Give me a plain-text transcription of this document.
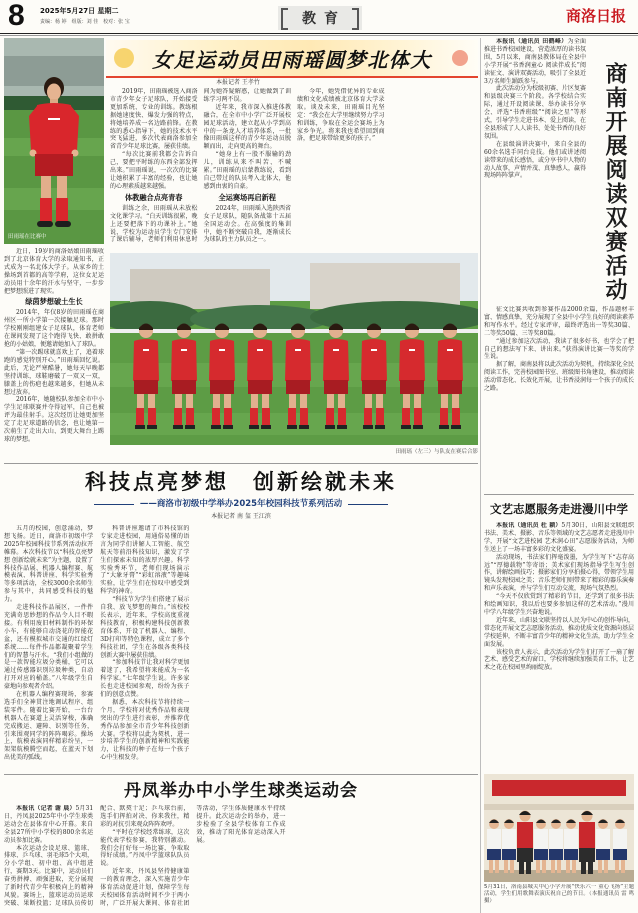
8 2025年5月27日 星期二
责编：杨 婷　组版：刘 佳　校对：张 宝	教育	商洛日报
田雨瑶在比赛中
女足运动员田雨瑶圆梦北体大
本报记者 王孝竹

近日，19岁的商洛姑娘田雨瑶收到了北京体育大学的录取通知书，正式成为一名北体大学子。从家乡的土操场到首都的高等学府，这位女足运动员用十余年的汗水与坚守，一步步把梦想照进了现实。

绿茵梦想破土生长

2014年，年仅8岁的田雨瑶在商州区一所小学第一次接触足球。那时学校刚刚组建女子足球队，体育老师在课间发现了这个跑得飞快、敢拼敢抢的小姑娘，便邀请她加入了球队。

“第一次踢球就喜欢上了，追着球跑的感觉特别开心。”田雨瑶回忆说。此后，无论严寒酷暑，她每天早晚都坚持训练，球鞋磨破了一双又一双，膝盖上的伤疤也越来越多，但她从未想过放弃。

2016年，她随校队参加全市中小学生足球联赛并夺得冠军，自己也被评为最佳射手。这次经历让她更加坚定了走足球道路的信念，也让她第一次萌生了走出大山、到更大舞台上踢球的梦想。

2019年，田雨瑶被选入商洛市青少年女子足球队，开始接受更加系统、专业的训练。教练根据她速度快、爆发力强的特点，将她培养成一名边路前锋。在教练的悉心指导下，她的技术水平突飞猛进，多次代表商洛参加全省青少年足球比赛，屡获佳绩。

“每次比赛前我都会告诉自己，要把平时练的东西全部发挥出来。”田雨瑶说，一次次的比赛让她积累了丰富的经验，也让她的心理素质越来越强。

体教融合点亮青春

训练之余，田雨瑶从未放松文化课学习。“白天训练很累，晚上还要把落下的功课补上。”她说，学校为运动员学生专门安排了课后辅导，老师们利用休息时间为她答疑解惑，让她做到了训练学习两不误。

近年来，我市深入推进体教融合，在全市中小学广泛开展校园足球活动，建立起从小学到高中的一条龙人才培养体系，一批像田雨瑶这样的青少年运动员脱颖而出，走向更高的舞台。

“她身上有一股不服输的劲儿，训练从来不叫苦、不喊累。”田雨瑶的启蒙教练说，看到自己带过的队员考入北体大，他感到由衷的自豪。

全运赛场再启新程

2024年，田雨瑶入选陕西省女子足球队，随队备战第十五届全国运动会。在高强度的集训中，她不断突破自我，逐渐成长为球队的主力队员之一。

今年，她凭借优异的专业成绩和文化成绩被北京体育大学录取。谈及未来，田雨瑶目光坚定：“我会在大学里继续努力学习和训练，争取在全运会赛场上为家乡争光。将来我也希望回到商洛，把足球带给更多的孩子。”

田雨瑶（左三）与队友在赛后合影

本报讯（通讯员 田鹤峰）为全面推进书香校园建设，营造浓厚的读书氛围，5月以来，商南县教体局在全县中小学开展“书香润童心 阅读伴成长”阅读征文、演讲双赛活动，吸引了全县近3万名师生踊跃参与。

此次活动分为校级初赛、片区复赛和县级决赛三个阶段。各学校结合实际，通过开设阅读课、举办读书分享会、评选“书香班级”“阅读之星”等形式，引导学生走进书本、爱上阅读，在全县形成了人人读书、处处书香的良好氛围。

在县级演讲决赛中，来自全县的60余名选手同台竞技。他们或讲述阅读带来的成长感悟，或分享书中人物的动人故事，声情并茂、真挚感人，赢得现场阵阵掌声。	商南开展阅读双赛活动

征文比赛共收到参赛作品2000余篇，作品题材丰富、情感真挚，充分展现了全县中小学生良好的阅读素养和写作水平。经过专家评审，最终评选出一等奖30篇、二等奖50篇、三等奖80篇。

“通过参加这次活动，我读了很多好书，也学会了把自己的想法写下来、讲出来。”获得演讲比赛一等奖的学生说。

据了解，商南县将以此次活动为契机，持续深化全民阅读工作，完善校园图书室、班级图书角建设，推动阅读活动常态化、长效化开展，让书香浸润每一个孩子的成长之路。

文艺志愿服务走进漫川中学

本报讯（通讯员 杜 颖）5月30日，山阳县文联组织书法、美术、摄影、音乐等领域的文艺志愿者走进漫川中学，开展“文艺进校园 艺术润心田”志愿服务活动，为师生送上了一场丰富多彩的文化盛宴。

活动现场，书法家们挥毫泼墨，为学生写下“志存高远”“厚德载物”等寄语；美术家们现场指导学生写生创作，讲解绘画技巧；摄影家们分享拍摄心得，带领学生用镜头发现校园之美；音乐老师们则带来了精彩的器乐演奏和声乐表演，并与学生们互动交流，现场气氛热烈。

“今天不仅欣赏到了精彩的节目，还学到了很多书法和绘画知识，我以后也要多参加这样的艺术活动。”漫川中学八年级学生兴奋地说。

近年来，山阳县文联坚持以人民为中心的创作导向，常态化开展文艺志愿服务活动，推动优质文化资源向基层学校延伸，不断丰富青少年的精神文化生活，助力学生全面发展。

该校负责人表示，此次活动为学生们打开了一扇了解艺术、感受艺术的窗口，学校将继续加强美育工作，让艺术之花在校园里绚丽绽放。

5月31日，洛南县城关中心小学开展“快乐六一 童心飞扬”主题活动，学生们用歌舞表演庆祝自己的节日。（本报通讯员 雷 鸣 摄）
科技点亮梦想　创新绘就未来
——商洛市初级中学举办2025年校园科技节系列活动
本报记者 南 玺 王江滨

五月的校园，创意涌动，梦想飞扬。近日，商洛市初级中学2025年校园科技节系列活动拉开帷幕。本次科技节以“科技点亮梦想 创新绘就未来”为主题，设置了科技作品展、机器人编程赛、航模表演、科普讲座、科学实验秀等多项活动，全校3000余名师生参与其中，共同感受科技的魅力。

走进科技作品展区，一件件充满奇思妙想的作品令人目不暇接。有利用废旧材料制作的环保小车，有能够自动浇花的智能花盆，还有模拟城市交通的红绿灯系统……每件作品都凝聚着学生们的智慧与汗水。“我们小组做的是一款智能垃圾分类桶，它可以通过传感器识别垃圾种类，自动打开对应的桶盖。”八年级学生自豪地向参观者介绍。

在机器人编程赛现场，参赛选手们全神贯注地调试程序、组装零件。随着比赛开始，一台台机器人在赛道上灵活穿梭，准确完成搬运、避障、识别等任务，引来围观同学的阵阵喝彩。操场上，航模表演同样精彩纷呈，一架架航模腾空而起，在蓝天下划出优美的弧线。

科普讲座邀请了市科技馆的专家走进校园，用通俗易懂的语言为同学们讲解人工智能、航空航天等前沿科技知识，激发了学生们探索未知的浓厚兴趣。科学实验秀环节，老师们现场演示了“大象牙膏”“彩虹溶液”等趣味实验，让学生们在惊叹中感受到科学的神奇。

“科技节为学生们搭建了展示自我、放飞梦想的舞台。”该校校长表示，近年来，学校高度重视科技教育，积极构建科技创新教育体系，开设了机器人、编程、3D打印等特色课程，成立了多个科技社团，学生在各级各类科技创新大赛中屡获佳绩。

“参加科技节让我对科学更加着迷了，我希望将来能成为一名科学家。”七年级学生说。许多家长也走进校园参观，纷纷为孩子们的创意点赞。

据悉，本次科技节将持续一个月，学校将对优秀作品和表现突出的学生进行表彰，并推荐优秀作品参加全市青少年科技创新大赛。学校将以此为契机，进一步培养学生的创新精神和实践能力，让科技的种子在每一个孩子心中生根发芽。

丹凤举办中小学生球类运动会

本报讯（记者 谢 晨）5月31日，丹凤县2025年中小学生球类运动会在县体育中心开幕。来自全县27所中小学校的800余名运动员参加比赛。

本次运动会设足球、篮球、排球、乒乓球、羽毛球5个大项，分小学组、初中组、高中组进行，赛期3天。比赛中，运动员们奋勇拼搏、顽强进取，充分展现了新时代青少年积极向上的精神风貌。赛场上，篮球运动员运球突破、果断投篮；足球队员传切配合、默契十足；乒乓球台前，选手们挥拍对决、你来我往，精彩的对抗引来观众阵阵欢呼。

“平时在学校经常练球，这次能代表学校参赛，我特别激动。我们会打好每一场比赛，争取取得好成绩。”丹凤中学篮球队队员说。

近年来，丹凤县坚持健康第一的教育理念，深入实施青少年体育活动促进计划，保障学生每天校园体育活动时间不少于两小时，广泛开展大课间、体育社团等活动，学生体质健康水平持续提升。此次运动会的举办，进一步检验了全县学校体育工作成效，推动了阳光体育运动深入开展。
